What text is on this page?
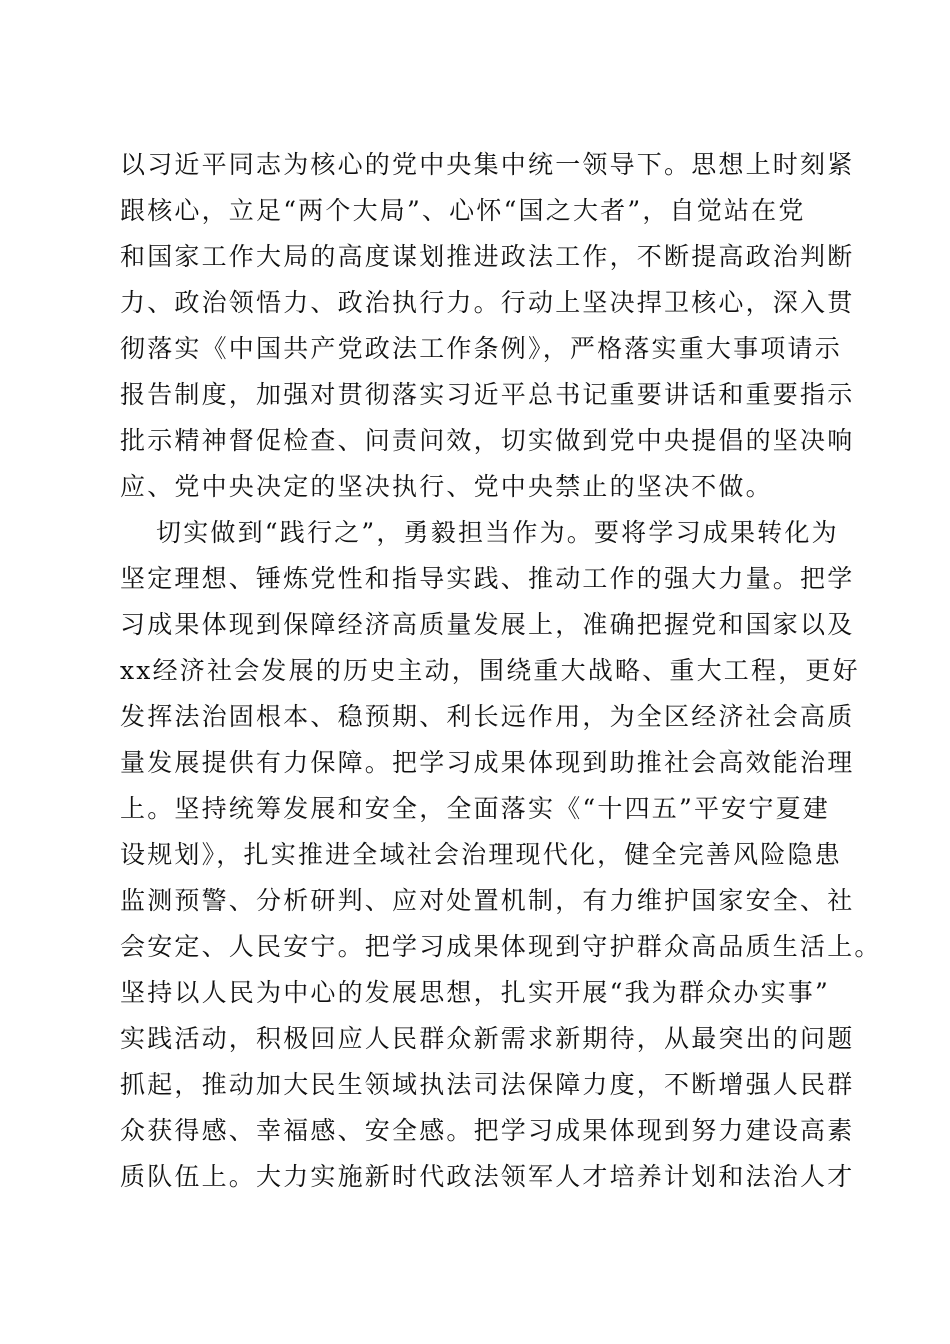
以习近平同志为核心的党中央集中统一领导下。思想上时刻紧
跟核心，立足“两个大局”、心怀“国之大者”，自觉站在党
和国家工作大局的高度谋划推进政法工作，不断提高政治判断
力、政治领悟力、政治执行力。行动上坚决捍卫核心，深入贯
彻落实《中国共产党政法工作条例》，严格落实重大事项请示
报告制度，加强对贯彻落实习近平总书记重要讲话和重要指示
批示精神督促检查、问责问效，切实做到党中央提倡的坚决响
应、党中央决定的坚决执行、党中央禁止的坚决不做。
切实做到“践行之”，勇毅担当作为。要将学习成果转化为
坚定理想、锤炼党性和指导实践、推动工作的强大力量。把学
习成果体现到保障经济高质量发展上，准确把握党和国家以及
xx经济社会发展的历史主动，围绕重大战略、重大工程，更好
发挥法治固根本、稳预期、利长远作用，为全区经济社会高质
量发展提供有力保障。把学习成果体现到助推社会高效能治理
上。坚持统筹发展和安全，全面落实《“十四五”平安宁夏建
设规划》，扎实推进全域社会治理现代化，健全完善风险隐患
监测预警、分析研判、应对处置机制，有力维护国家安全、社
会安定、人民安宁。把学习成果体现到守护群众高品质生活上。
坚持以人民为中心的发展思想，扎实开展“我为群众办实事”
实践活动，积极回应人民群众新需求新期待，从最突出的问题
抓起，推动加大民生领域执法司法保障力度，不断增强人民群
众获得感、幸福感、安全感。把学习成果体现到努力建设高素
质队伍上。大力实施新时代政法领军人才培养计划和法治人才
